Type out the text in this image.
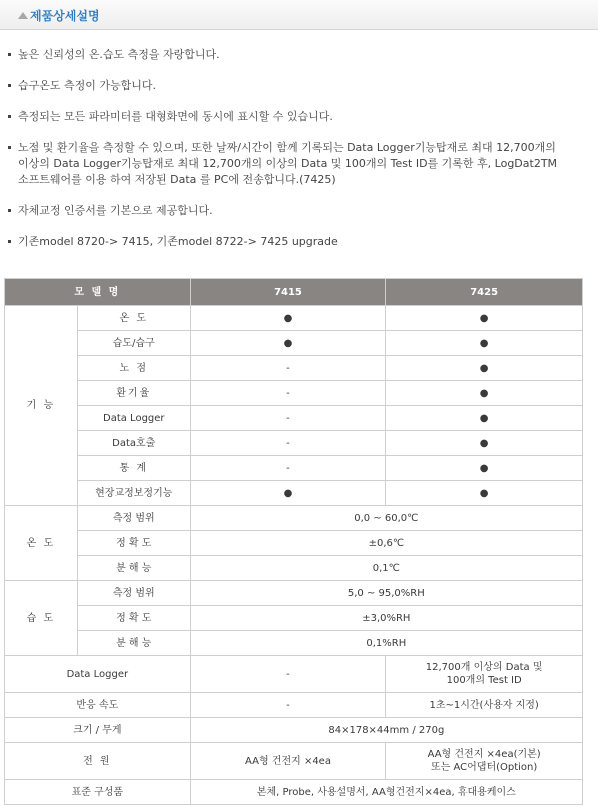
제품상세설명
높은 신뢰성의 온.습도 측정을 자랑합니다.
습구온도 측정이 가능합니다.
측정되는 모든 파라미터를 대형화면에 동시에 표시할 수 있습니다.
노점 및 환기율을 측정할 수 있으며, 또한 날짜/시간이 함께 기록되는 Data Logger기능탑재로 최대 12,700개의 이상의 Data Logger기능탑재로 최대 12,700개의 이상의 Data 및 100개의 Test ID를 기록한 후, LogDat2TM소프트웨어를 이용 하여 저장된 Data 를 PC에 전송합니다.(7425)
자체교정 인증서를 기본으로 제공합니다.
기존model 8720-> 7415, 기존model 8722-> 7425 upgrade
모 델 명		7415	7425
기 능	온 도	●	●
	습도/습구	●	●
	노 점	-	●
	환기율	-	●
	Data Logger	-	●
	Data호출	-	●
	통 계	-	●
	현장교정보정기능	●	●
온 도	측정 범위	0,0 ~ 60,0℃	
	정 확 도	±0,6℃	
	분 해 능	0,1℃	
습 도	측정 범위	5,0 ~ 95,0%RH	
	정 확 도	±3,0%RH	
	분 해 능	0,1%RH	
Data Logger		-	12,700개 이상의 Data 및
100개의 Test ID
반응 속도		-	1초~1시간(사용자 지정)
크기 / 무게		84×178×44mm / 270g	
전 원		AA형 건전지 ×4ea	AA형 건전지 ×4ea(기본)
또는 AC어댑터(Option)
표준 구성품		본체, Probe, 사용설명서, AA형건전지×4ea, 휴대용케이스	
